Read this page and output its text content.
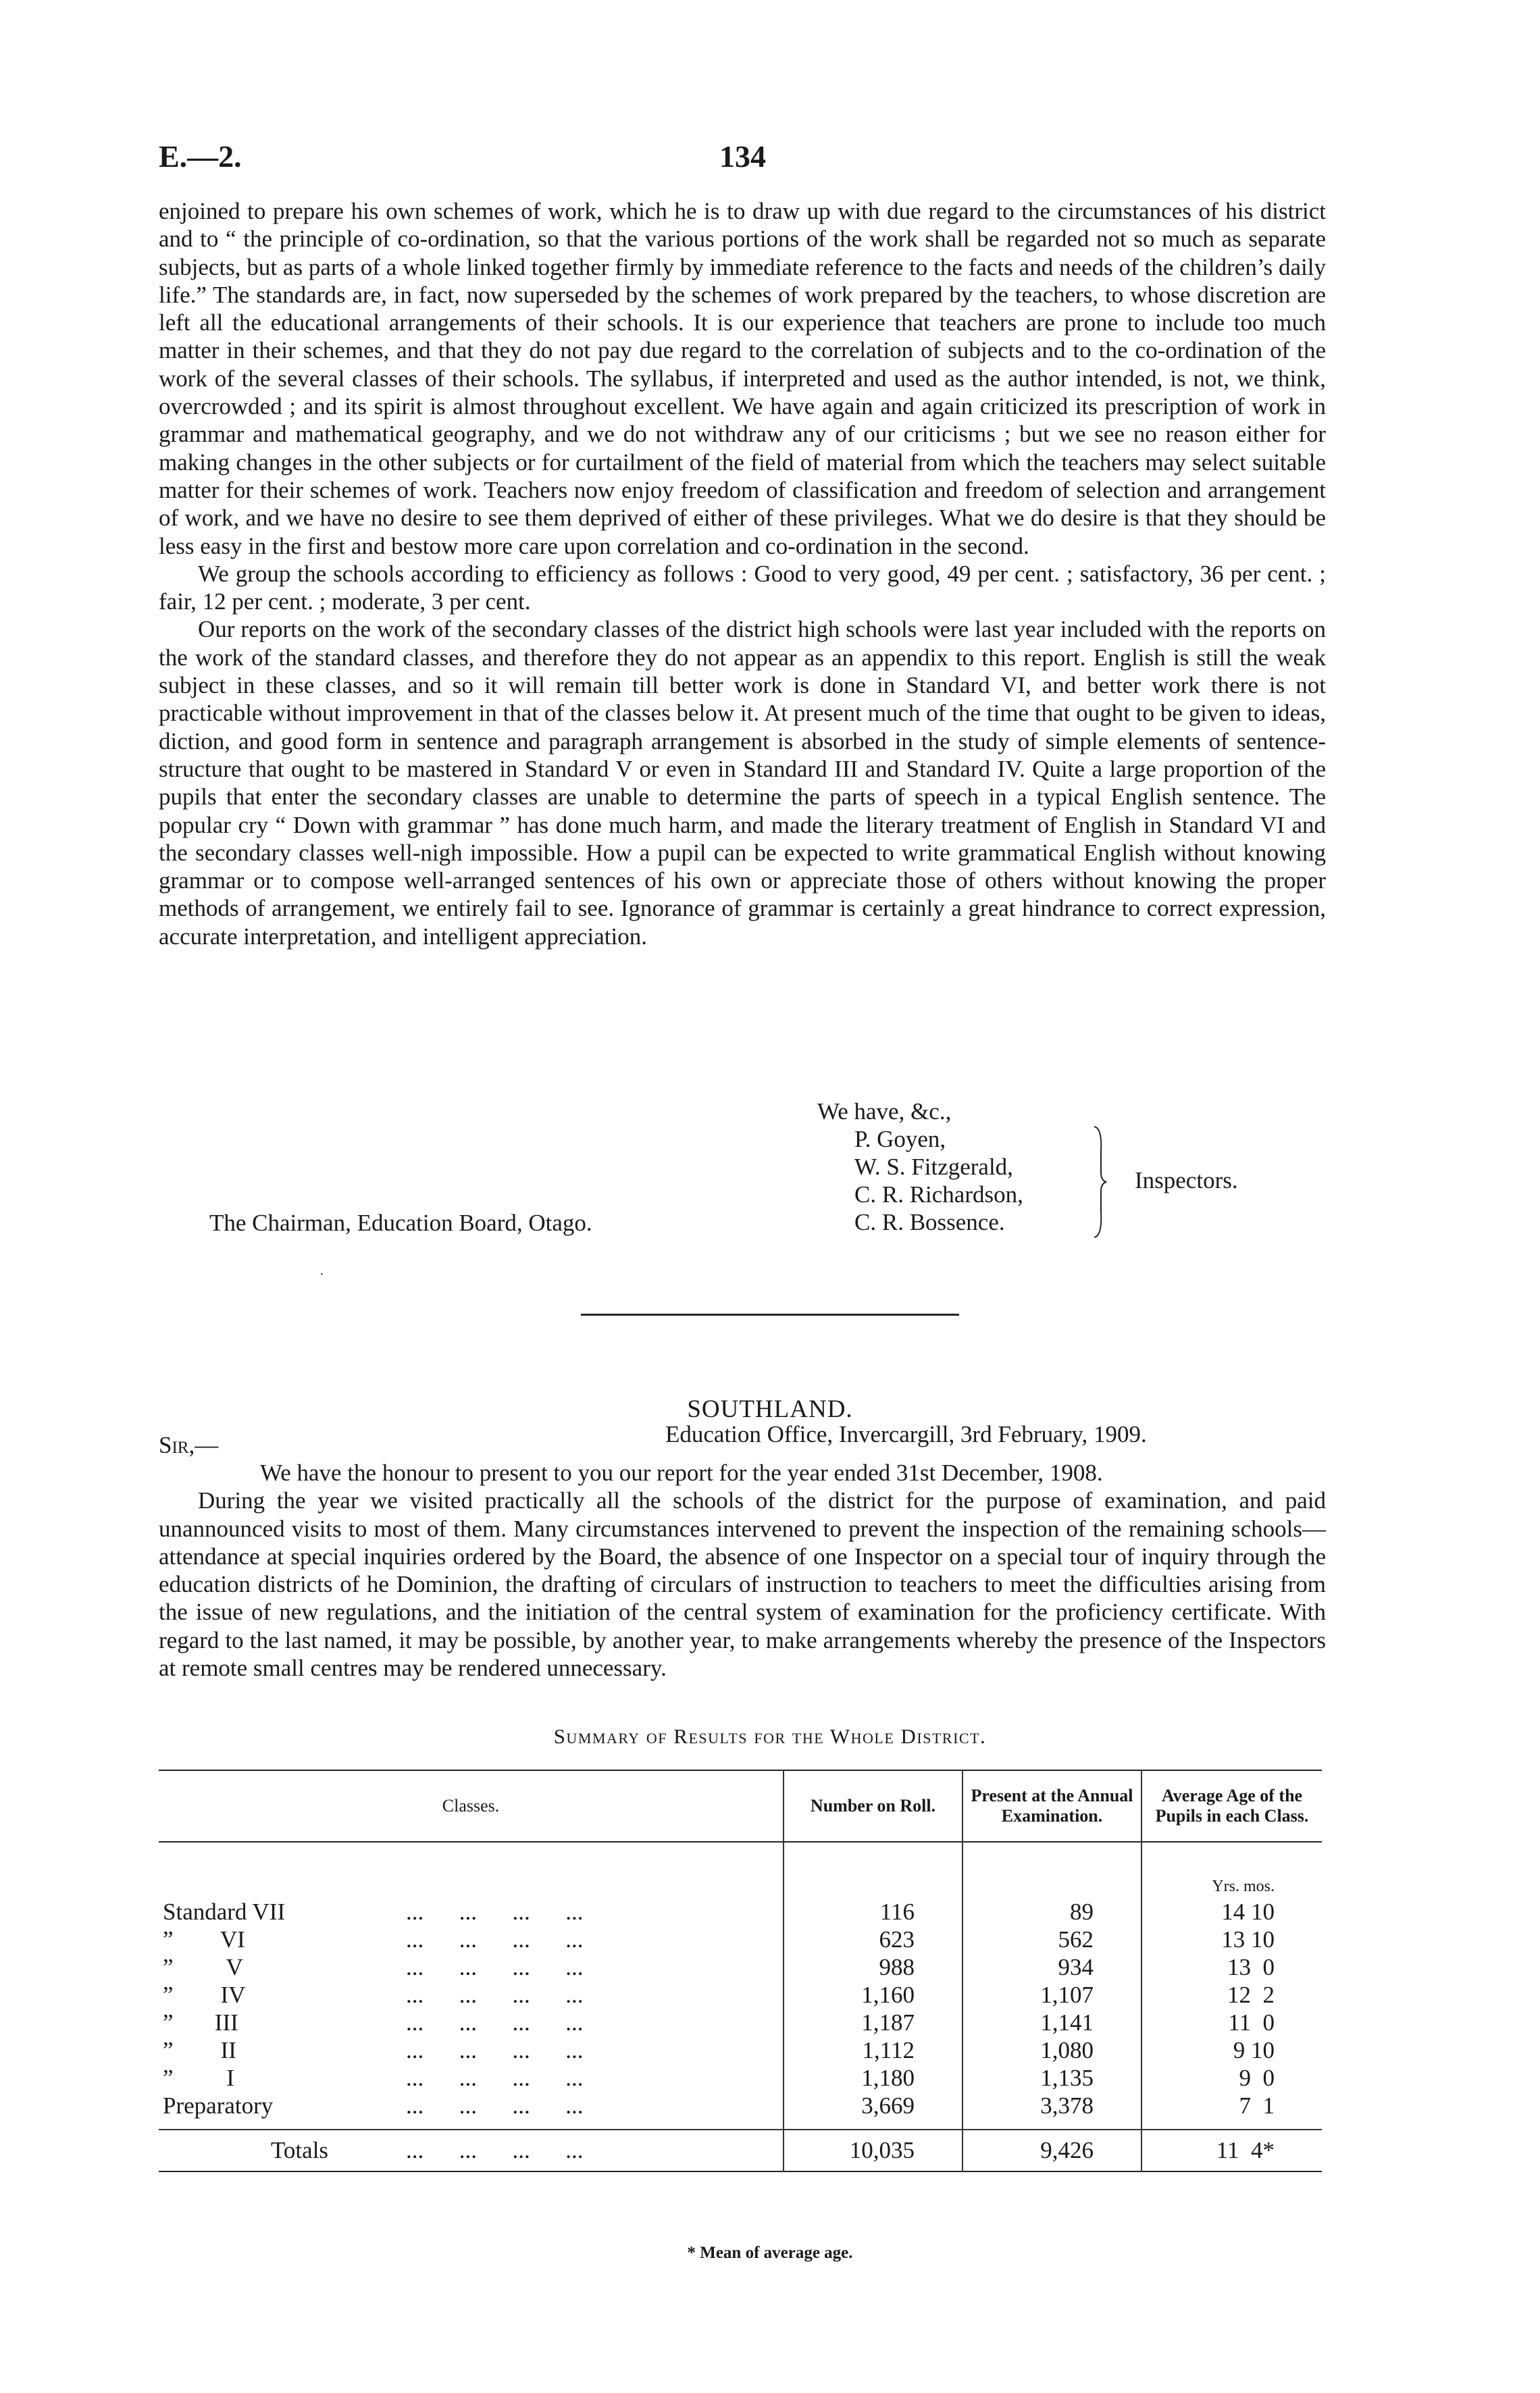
E.—2.	134

enjoined to prepare his own schemes of work, which he is to draw up with due regard to the circumstances of his district and to “ the principle of co-ordination, so that the various portions of the work shall be regarded not so much as separate subjects, but as parts of a whole linked together firmly by immediate reference to the facts and needs of the children’s daily life.” The standards are, in fact, now superseded by the schemes of work prepared by the teachers, to whose discretion are left all the educational arrangements of their schools. It is our experience that teachers are prone to include too much matter in their schemes, and that they do not pay due regard to the correlation of subjects and to the co-ordination of the work of the several classes of their schools. The syllabus, if interpreted and used as the author intended, is not, we think, overcrowded ; and its spirit is almost throughout excellent. We have again and again criticized its prescription of work in grammar and mathematical geography, and we do not withdraw any of our criticisms ; but we see no reason either for making changes in the other subjects or for curtailment of the field of material from which the teachers may select suitable matter for their schemes of work. Teachers now enjoy freedom of classification and freedom of selection and arrangement of work, and we have no desire to see them deprived of either of these privileges. What we do desire is that they should be less easy in the first and bestow more care upon correlation and co-ordination in the second.

We group the schools according to efficiency as follows : Good to very good, 49 per cent. ; satisfactory, 36 per cent. ; fair, 12 per cent. ; moderate, 3 per cent.

Our reports on the work of the secondary classes of the district high schools were last year included with the reports on the work of the standard classes, and therefore they do not appear as an appendix to this report. English is still the weak subject in these classes, and so it will remain till better work is done in Standard VI, and better work there is not practicable without improvement in that of the classes below it. At present much of the time that ought to be given to ideas, diction, and good form in sentence and paragraph arrangement is absorbed in the study of simple elements of sentence-structure that ought to be mastered in Standard V or even in Standard III and Standard IV. Quite a large proportion of the pupils that enter the secondary classes are unable to determine the parts of speech in a typical English sentence. The popular cry “ Down with grammar ” has done much harm, and made the literary treatment of English in Standard VI and the secondary classes well-nigh impossible. How a pupil can be expected to write grammatical English without knowing grammar or to compose well-arranged sentences of his own or appreciate those of others without knowing the proper methods of arrangement, we entirely fail to see. Ignorance of grammar is certainly a great hindrance to correct expression, accurate interpretation, and intelligent appreciation.

We have, &c.,
P. Goyen,
W. S. Fitzgerald,
C. R. Richardson,
C. R. Bossence.
Inspectors.
The Chairman, Education Board, Otago.
·
SOUTHLAND.
Sir,—	Education Office, Invercargill, 3rd February, 1909.

We have the honour to present to you our report for the year ended 31st December, 1908.

During the year we visited practically all the schools of the district for the purpose of examination, and paid unannounced visits to most of them. Many circumstances intervened to prevent the inspection of the remaining schools—attendance at special inquiries ordered by the Board, the absence of one Inspector on a special tour of inquiry through the education districts of he Dominion, the drafting of circulars of instruction to teachers to meet the difficulties arising from the issue of new regulations, and the initiation of the central system of examination for the proficiency certificate. With regard to the last named, it may be possible, by another year, to make arrangements whereby the presence of the Inspectors at remote small centres may be rendered unnecessary.

Summary of Results for the Whole District.
Classes.	Number on Roll.	Present at the Annual Examination.	Average Age of the Pupils in each Class.

			Yrs. mos.
Standard VII ...      ...      ...      ...	116	89	14 10
”        VI ...      ...      ...      ...	623	562	13 10
”         V ...      ...      ...      ...	988	934	13  0
”        IV ...      ...      ...      ...	1,160	1,107	12  2
”       III ...      ...      ...      ...	1,187	1,141	11  0
”        II ...      ...      ...      ...	1,112	1,080	9 10
”         I ...      ...      ...      ...	1,180	1,135	9  0
Preparatory ...      ...      ...      ...	3,669	3,378	7  1

Totals ...      ...      ...      ...	10,035	9,426	11  4*

* Mean of average age.
